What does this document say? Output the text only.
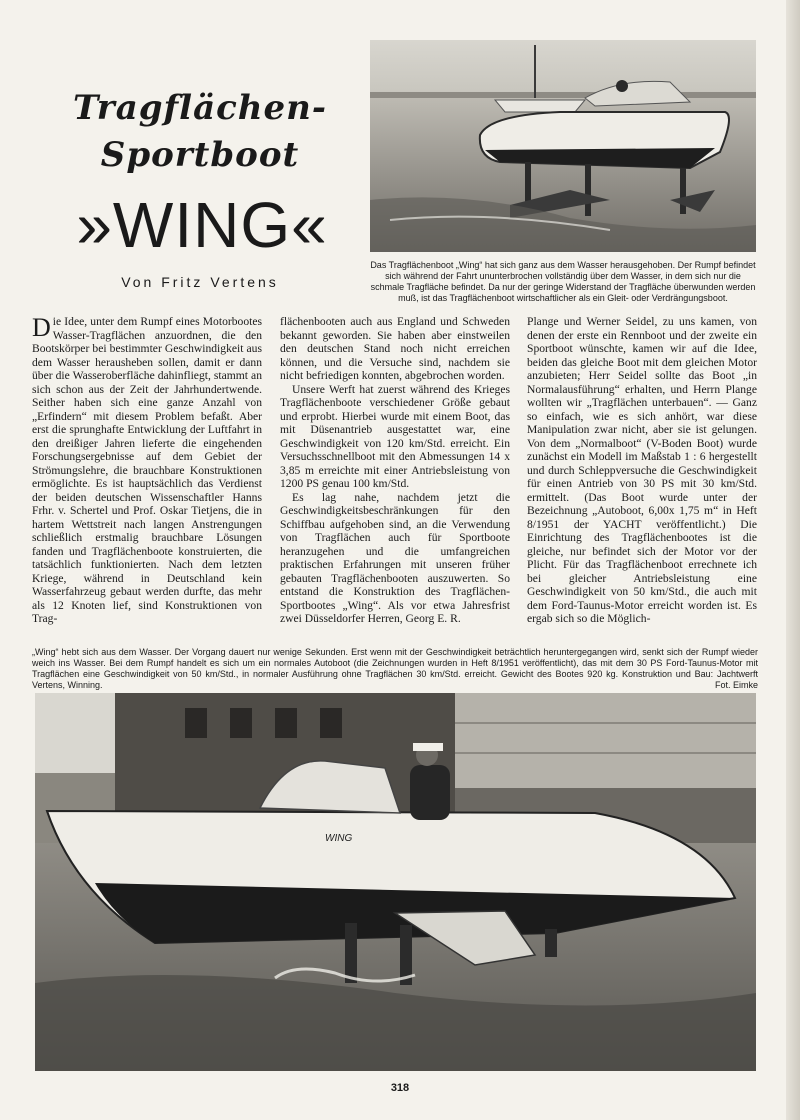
Tragflächen-
Sportboot
»WING«
Von Fritz Vertens
Das Tragflächenboot „Wing“ hat sich ganz aus dem Wasser herausgehoben. Der Rumpf befindet sich während der Fahrt ununterbrochen vollständig über dem Wasser, in dem sich nur die schmale Tragfläche befindet. Da nur der geringe Widerstand der Tragfläche überwunden werden muß, ist das Tragflächenboot wirtschaftlicher als ein Gleit- oder Verdrängungsboot.

Die Idee, unter dem Rumpf eines Motorbootes Wasser-Tragflächen anzuordnen, die den Bootskörper bei bestimmter Geschwindigkeit aus dem Wasser herausheben sollen, damit er dann über die Wasseroberfläche dahinfliegt, stammt an sich schon aus der Zeit der Jahrhundertwende. Seither haben sich eine ganze Anzahl von „Erfindern“ mit diesem Problem befaßt. Aber erst die sprunghafte Entwicklung der Luftfahrt in den dreißiger Jahren lieferte die eingehenden Forschungsergebnisse auf dem Gebiet der Strömungslehre, die brauchbare Konstruktionen ermöglichte. Es ist hauptsächlich das Verdienst der beiden deutschen Wissenschaftler Hanns Frhr. v. Schertel und Prof. Oskar Tietjens, die in hartem Wettstreit nach langen Anstrengungen schließlich erstmalig brauchbare Lösungen fanden und Tragflächenboote konstruierten, die tatsächlich funktionierten. Nach dem letzten Kriege, während in Deutschland kein Wasserfahrzeug gebaut werden durfte, das mehr als 12 Knoten lief, sind Konstruktionen von Trag-

flächenbooten auch aus England und Schweden bekannt geworden. Sie haben aber einstweilen den deutschen Stand noch nicht erreichen können, und die Versuche sind, nachdem sie nicht befriedigen konnten, abgebrochen worden.

Unsere Werft hat zuerst während des Krieges Tragflächenboote verschiedener Größe gebaut und erprobt. Hierbei wurde mit einem Boot, das mit Düsenantrieb ausgestattet war, eine Geschwindigkeit von 120 km/Std. erreicht. Ein Versuchsschnellboot mit den Abmessungen 14 x 3,85 m erreichte mit einer Antriebsleistung von 1200 PS genau 100 km/Std.

Es lag nahe, nachdem jetzt die Geschwindigkeitsbeschränkungen für den Schiffbau aufgehoben sind, an die Verwendung von Tragflächen auch für Sportboote heranzugehen und die umfangreichen praktischen Erfahrungen mit unseren früher gebauten Tragflächenbooten auszuwerten. So entstand die Konstruktion des Tragflächen-Sportbootes „Wing“. Als vor etwa Jahresfrist zwei Düsseldorfer Herren, Georg E. R.

Plange und Werner Seidel, zu uns kamen, von denen der erste ein Rennboot und der zweite ein Sportboot wünschte, kamen wir auf die Idee, beiden das gleiche Boot mit dem gleichen Motor anzubieten; Herr Seidel sollte das Boot „in Normalausführung“ erhalten, und Herrn Plange wollten wir „Tragflächen unterbauen“. — Ganz so einfach, wie es sich anhört, war diese Manipulation zwar nicht, aber sie ist gelungen. Von dem „Normalboot“ (V-Boden Boot) wurde zunächst ein Modell im Maßstab 1 : 6 hergestellt und durch Schleppversuche die Geschwindigkeit für einen Antrieb von 30 PS mit 30 km/Std. ermittelt. (Das Boot wurde unter der Bezeichnung „Autoboot, 6,00x 1,75 m“ in Heft 8/1951 der YACHT veröffentlicht.) Die Einrichtung des Tragflächenbootes ist die gleiche, nur befindet sich der Motor vor der Plicht. Für das Tragflächenboot errechnete ich bei gleicher Antriebsleistung eine Geschwindigkeit von 50 km/Std., die auch mit dem Ford-Taunus-Motor erreicht worden ist. Es ergab sich so die Möglich-

„Wing“ hebt sich aus dem Wasser. Der Vorgang dauert nur wenige Sekunden. Erst wenn mit der Geschwindigkeit beträchtlich heruntergegangen wird, senkt sich der Rumpf wieder weich ins Wasser. Bei dem Rumpf handelt es sich um ein normales Autoboot (die Zeichnungen wurden in Heft 8/1951 veröffentlicht), das mit dem 30 PS Ford-Taunus-Motor mit Tragflächen eine Geschwindigkeit von 50 km/Std., in normaler Ausführung ohne Tragflächen 30 km/Std. erreicht. Gewicht des Bootes 920 kg. Konstruktion und Bau: Jachtwerft Vertens, Winning.	Fot. Eimke
WING
318
